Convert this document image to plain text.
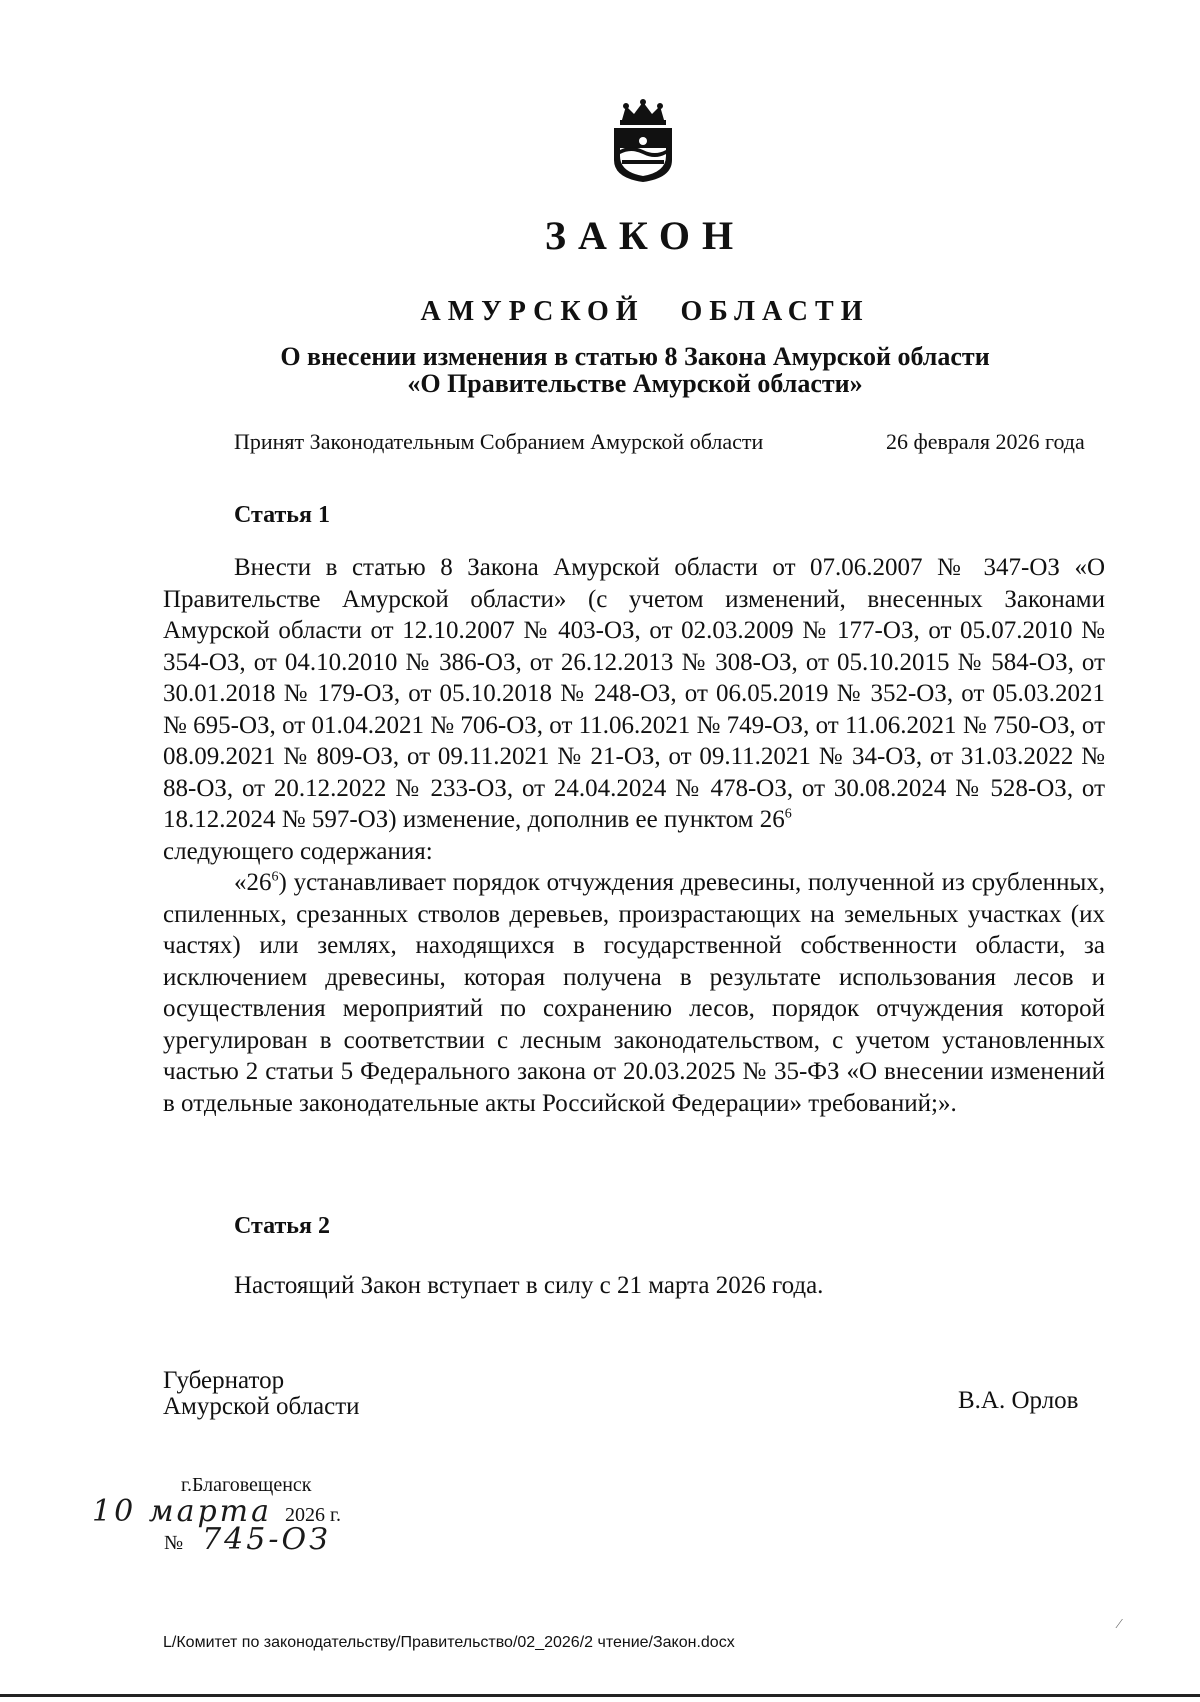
ЗАКОН
АМУРСКОЙ ОБЛАСТИ
О внесении изменения в статью 8 Закона Амурской области
«О Правительстве Амурской области»
Принят Законодательным Собранием Амурской области	26 февраля 2026 года
Статья 1

Внести в статью 8 Закона Амурской области от 07.06.2007 № 347-ОЗ «О Правительстве Амурской области» (с учетом изменений, внесенных Законами Амурской области от 12.10.2007 № 403-ОЗ, от 02.03.2009 № 177-ОЗ, от 05.07.2010 № 354-ОЗ, от 04.10.2010 № 386-ОЗ, от 26.12.2013 № 308-ОЗ, от 05.10.2015 № 584-ОЗ, от 30.01.2018 № 179-ОЗ, от 05.10.2018 № 248-ОЗ, от 06.05.2019 № 352-ОЗ, от 05.03.2021 № 695-ОЗ, от 01.04.2021 № 706-ОЗ, от 11.06.2021 № 749-ОЗ, от 11.06.2021 № 750-ОЗ, от 08.09.2021 № 809-ОЗ, от 09.11.2021 № 21-ОЗ, от 09.11.2021 № 34-ОЗ, от 31.03.2022 № 88-ОЗ, от 20.12.2022 № 233-ОЗ, от 24.04.2024 № 478-ОЗ, от 30.08.2024 № 528-ОЗ, от 18.12.2024 № 597-ОЗ) изменение, дополнив ее пунктом $26^6$

следующего содержания:

«$26^6$) устанавливает порядок отчуждения древесины, полученной из срубленных, спиленных, срезанных стволов деревьев, произрастающих на земельных участках (их частях) или землях, находящихся в государственной собственности области, за исключением древесины, которая получена в результате использования лесов и осуществления мероприятий по сохранению лесов, порядок отчуждения которой урегулирован в соответствии с лесным законодательством, с учетом установленных частью 2 статьи 5 Федерального закона от 20.03.2025 № 35-ФЗ «О внесении изменений в отдельные законодательные акты Российской Федерации» требований;».

Статья 2
Настоящий Закон вступает в силу с 21 марта 2026 года.
Губернатор
Амурской области	В.А. Орлов
г.Благовещенск
10 марта 2026 г.
№ 745-ОЗ
L/Комитет по законодательству/Правительство/02_2026/2 чтение/Закон.docx
⁄
